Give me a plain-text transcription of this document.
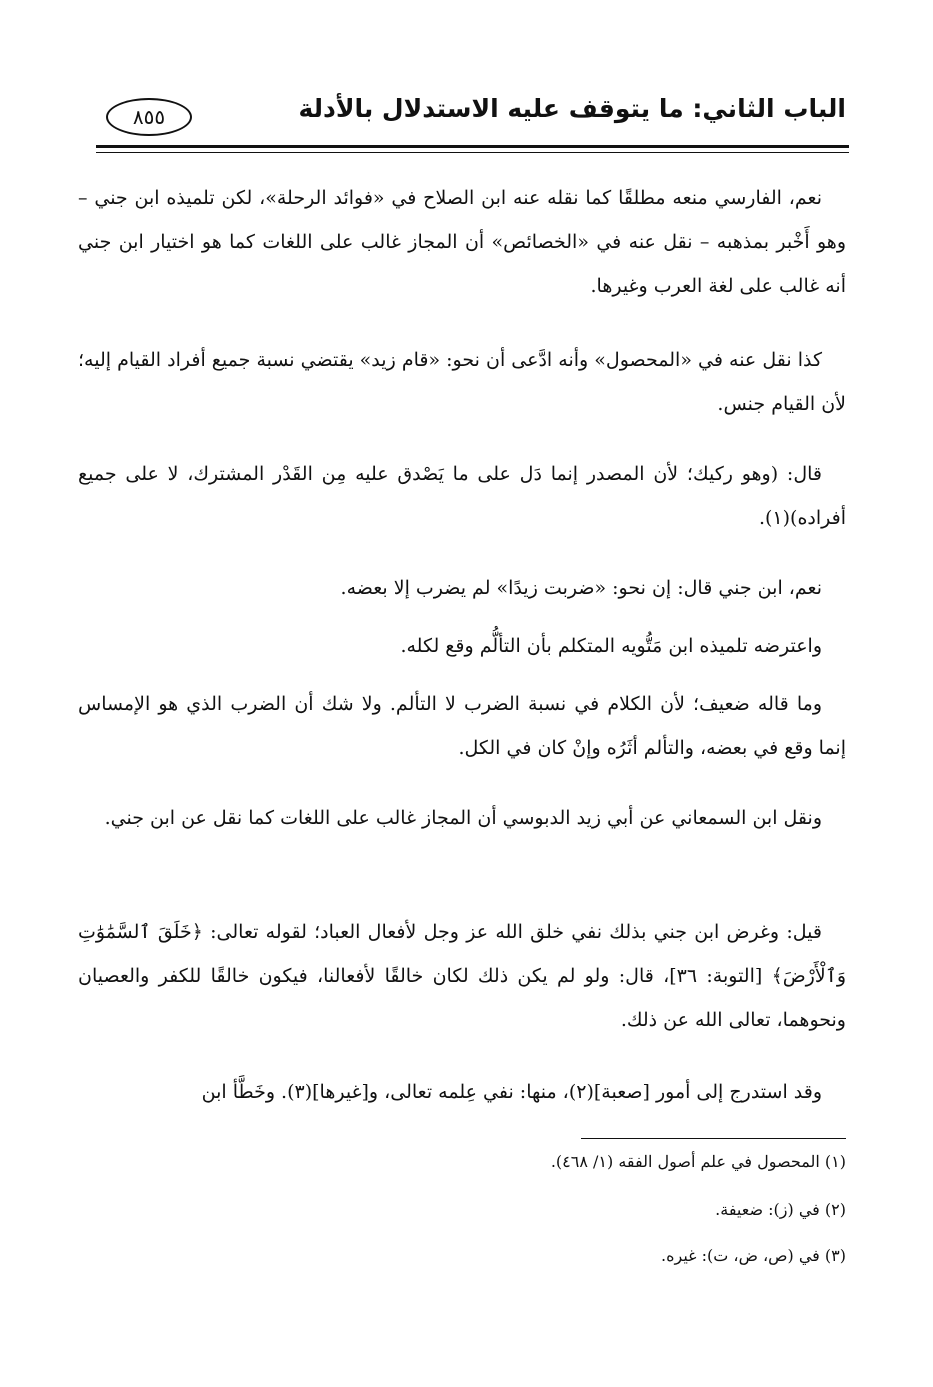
الباب الثاني: ما يتوقف عليه الاستدلال بالأدلة
٨٥٥

نعم، الفارسي منعه مطلقًا كما نقله عنه ابن الصلاح في «فوائد الرحلة»، لكن تلميذه ابن جني – وهو أَخْبر بمذهبه – نقل عنه في «الخصائص» أن المجاز غالب على اللغات كما هو اختيار ابن جني أنه غالب على لغة العرب وغيرها.

كذا نقل عنه في «المحصول» وأنه ادَّعى أن نحو: «قام زيد» يقتضي نسبة جميع أفراد القيام إليه؛ لأن القيام جنس.

قال: (وهو ركيك؛ لأن المصدر إنما دَل على ما يَصْدق عليه مِن القَدْر المشترك، لا على جميع أفراده)(١).

نعم، ابن جني قال: إن نحو: «ضربت زيدًا» لم يضرب إلا بعضه.

واعترضه تلميذه ابن مَتُّويه المتكلم بأن التألُّم وقع لكله.

وما قاله ضعيف؛ لأن الكلام في نسبة الضرب لا التألم. ولا شك أن الضرب الذي هو الإمساس إنما وقع في بعضه، والتألم أثَرُه وإنْ كان في الكل.

ونقل ابن السمعاني عن أبي زيد الدبوسي أن المجاز غالب على اللغات كما نقل عن ابن جني.

قيل: وغرض ابن جني بذلك نفي خلق الله عز وجل لأفعال العباد؛ لقوله تعالى: ﴿خَلَقَ ٱلسَّمَٰوَٰتِ وَٱلْأَرْضَ﴾ [التوبة: ٣٦]، قال: ولو لم يكن ذلك لكان خالقًا لأفعالنا، فيكون خالقًا للكفر والعصيان ونحوهما، تعالى الله عن ذلك.

وقد استدرج إلى أمور [صعبة](٢)، منها: نفي عِلمه تعالى، و[غيرها](٣). وخَطَّأ ابن

(١) المحصول في علم أصول الفقه (١/ ٤٦٨).

(٢) في (ز): ضعيفة.

(٣) في (ص، ض، ت): غيره.
